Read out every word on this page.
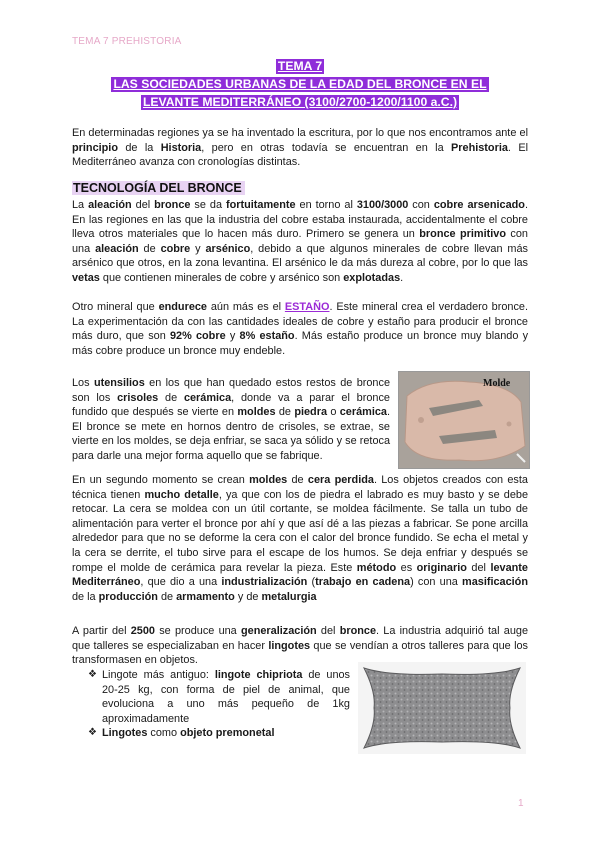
TEMA 7 PREHISTORIA
TEMA 7
LAS SOCIEDADES URBANAS DE LA EDAD DEL BRONCE EN EL
LEVANTE MEDITERRÁNEO (3100/2700-1200/1100 a.C.)
En determinadas regiones ya se ha inventado la escritura, por lo que nos encontramos ante el principio de la Historia, pero en otras todavía se encuentran en la Prehistoria. El Mediterráneo avanza con cronologías distintas.
TECNOLOGÍA DEL BRONCE
La aleación del bronce se da fortuitamente en torno al 3100/3000 con cobre arsenicado. En las regiones en las que la industria del cobre estaba instaurada, accidentalmente el cobre lleva otros materiales que lo hacen más duro. Primero se genera un bronce primitivo con una aleación de cobre y arsénico, debido a que algunos minerales de cobre llevan más arsénico que otros, en la zona levantina. El arsénico le da más dureza al cobre, por lo que las vetas que contienen minerales de cobre y arsénico son explotadas.
Otro mineral que endurece aún más es el ESTAÑO. Este mineral crea el verdadero bronce. La experimentación da con las cantidades ideales de cobre y estaño para producir el bronce más duro, que son 92% cobre y 8% estaño. Más estaño produce un bronce muy blando y más cobre produce un bronce muy endeble.
Los utensilios en los que han quedado estos restos de bronce son los crisoles de cerámica, donde va a parar el bronce fundido que después se vierte en moldes de piedra o cerámica. El bronce se mete en hornos dentro de crisoles, se extrae, se vierte en los moldes, se deja enfriar, se saca ya sólido y se retoca para darle una mejor forma aquello que se fabrique.
Molde
En un segundo momento se crean moldes de cera perdida. Los objetos creados con esta técnica tienen mucho detalle, ya que con los de piedra el labrado es muy basto y se debe retocar. La cera se moldea con un útil cortante, se moldea fácilmente. Se talla un tubo de alimentación para verter el bronce por ahí y que así dé a las piezas a fabricar. Se pone arcilla alrededor para que no se deforme la cera con el calor del bronce fundido. Se echa el metal y la cera se derrite, el tubo sirve para el escape de los humos. Se deja enfriar y después se rompe el molde de cerámica para revelar la pieza. Este método es originario del levante Mediterráneo, que dio a una industrialización (trabajo en cadena) con una masificación de la producción de armamento y de metalurgia
A partir del 2500 se produce una generalización del bronce. La industria adquirió tal auge que talleres se especializaban en hacer lingotes que se vendían a otros talleres para que los transformasen en objetos.
❖ Lingote más antiguo: lingote chipriota de unos 20-25 kg, con forma de piel de animal, que evoluciona a uno más pequeño de 1kg aproximadamente
❖ Lingotes como objeto premonetal
1
